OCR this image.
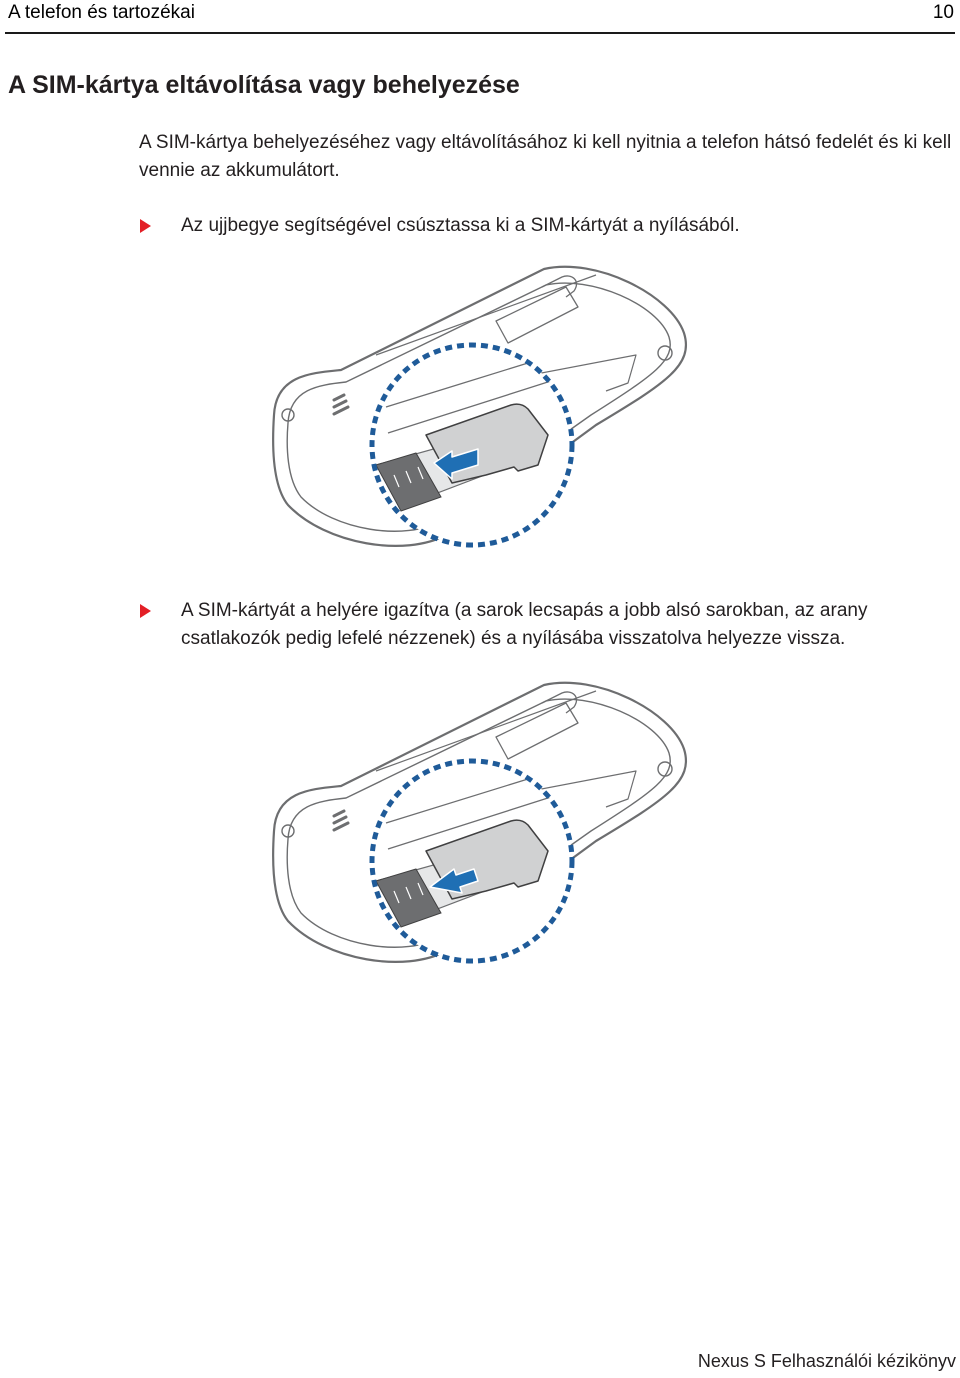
A telefon és tartozékai	10
A SIM-kártya eltávolítása vagy behelyezése

A SIM-kártya behelyezéséhez vagy eltávolításához ki kell nyitnia a telefon hátsó fedelét és ki kell vennie az akkumulátort.

Az ujjbegye segítségével csúsztassa ki a SIM-kártyát a nyílásából.
A SIM-kártyát a helyére igazítva (a sarok lecsapás a jobb alsó sarokban, az arany csatlakozók pedig lefelé nézzenek) és a nyílásába visszatolva helyezze vissza.
Nexus S Felhasználói kézikönyv
